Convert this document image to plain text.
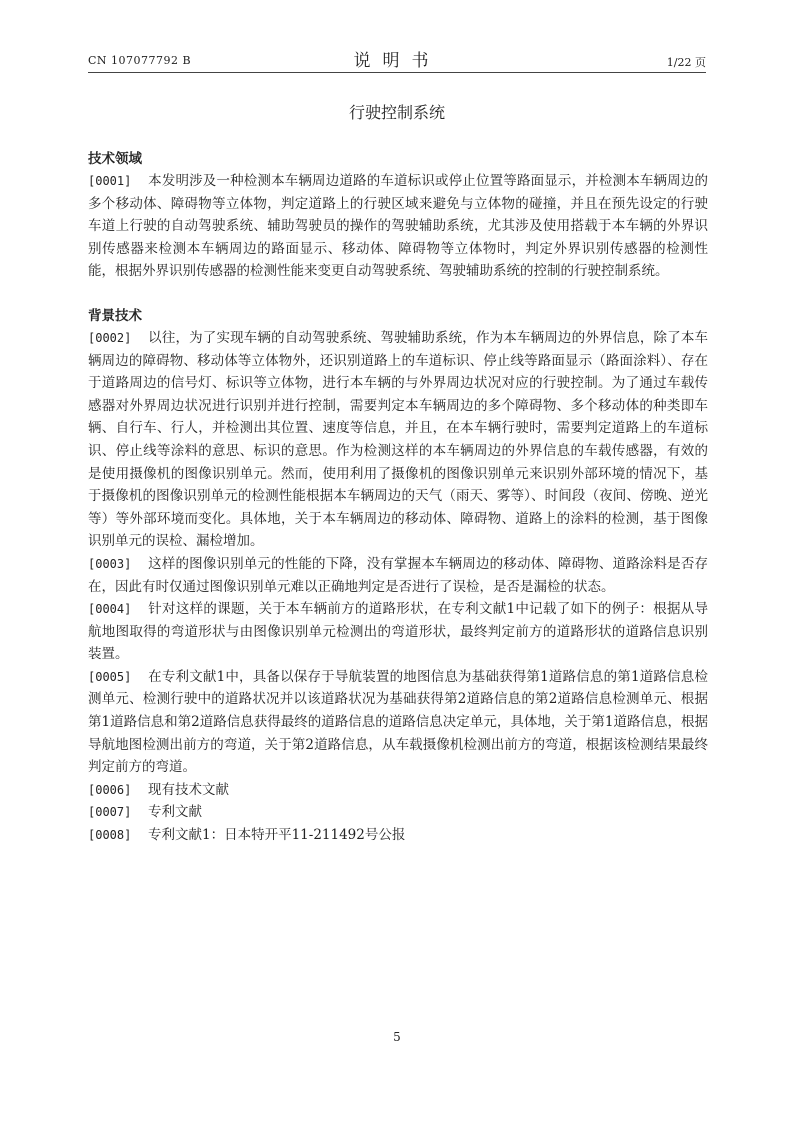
CN 107077792 B	说明书	1/22 页
行驶控制系统
技术领域

[0001] 本发明涉及一种检测本车辆周边道路的车道标识或停止位置等路面显示，并检测本车辆周边的多个移动体、障碍物等立体物，判定道路上的行驶区域来避免与立体物的碰撞，并且在预先设定的行驶车道上行驶的自动驾驶系统、辅助驾驶员的操作的驾驶辅助系统，尤其涉及使用搭载于本车辆的外界识别传感器来检测本车辆周边的路面显示、移动体、障碍物等立体物时，判定外界识别传感器的检测性能，根据外界识别传感器的检测性能来变更自动驾驶系统、驾驶辅助系统的控制的行驶控制系统。

背景技术

[0002] 以往，为了实现车辆的自动驾驶系统、驾驶辅助系统，作为本车辆周边的外界信息，除了本车辆周边的障碍物、移动体等立体物外，还识别道路上的车道标识、停止线等路面显示（路面涂料）、存在于道路周边的信号灯、标识等立体物，进行本车辆的与外界周边状况对应的行驶控制。为了通过车载传感器对外界周边状况进行识别并进行控制，需要判定本车辆周边的多个障碍物、多个移动体的种类即车辆、自行车、行人，并检测出其位置、速度等信息，并且，在本车辆行驶时，需要判定道路上的车道标识、停止线等涂料的意思、标识的意思。作为检测这样的本车辆周边的外界信息的车载传感器，有效的是使用摄像机的图像识别单元。然而，使用利用了摄像机的图像识别单元来识别外部环境的情况下，基于摄像机的图像识别单元的检测性能根据本车辆周边的天气（雨天、雾等）、时间段（夜间、傍晚、逆光等）等外部环境而变化。具体地，关于本车辆周边的移动体、障碍物、道路上的涂料的检测，基于图像识别单元的误检、漏检增加。

[0003] 这样的图像识别单元的性能的下降，没有掌握本车辆周边的移动体、障碍物、道路涂料是否存在，因此有时仅通过图像识别单元难以正确地判定是否进行了误检，是否是漏检的状态。

[0004] 针对这样的课题，关于本车辆前方的道路形状，在专利文献1中记载了如下的例子：根据从导航地图取得的弯道形状与由图像识别单元检测出的弯道形状，最终判定前方的道路形状的道路信息识别装置。

[0005] 在专利文献1中，具备以保存于导航装置的地图信息为基础获得第1道路信息的第1道路信息检测单元、检测行驶中的道路状况并以该道路状况为基础获得第2道路信息的第2道路信息检测单元、根据第1道路信息和第2道路信息获得最终的道路信息的道路信息决定单元，具体地，关于第1道路信息，根据导航地图检测出前方的弯道，关于第2道路信息，从车载摄像机检测出前方的弯道，根据该检测结果最终判定前方的弯道。

[0006] 现有技术文献

[0007] 专利文献

[0008] 专利文献1：日本特开平11-211492号公报

5
